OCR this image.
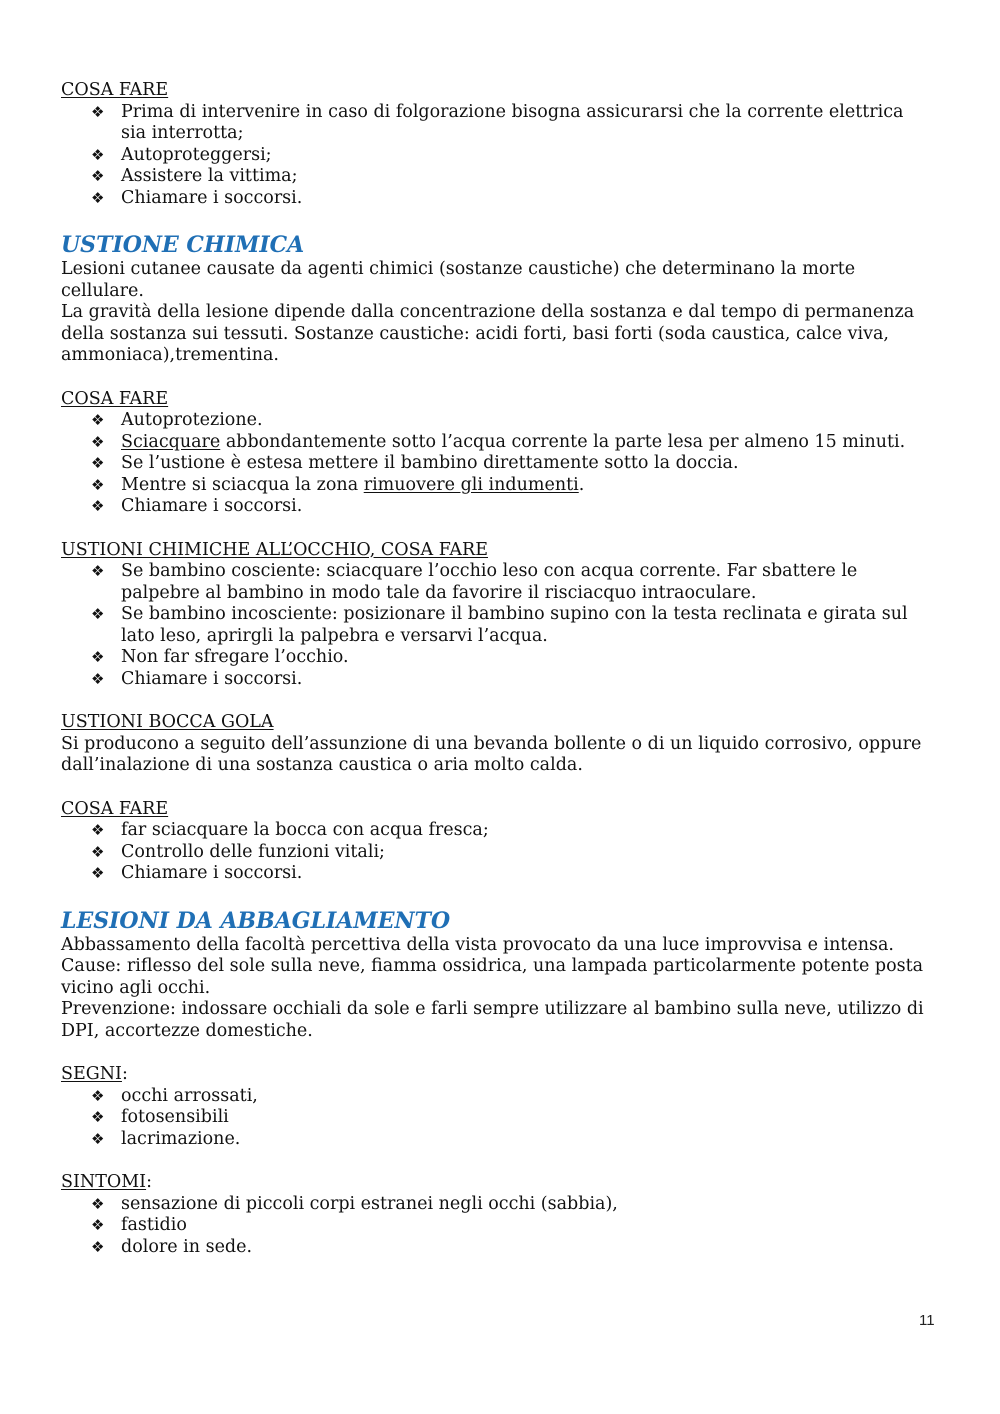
COSA FARE

❖ Prima di intervenire in caso di folgorazione bisogna assicurarsi che la corrente elettrica sia interrotta;
❖ Autoproteggersi;
❖ Assistere la vittima;
❖ Chiamare i soccorsi.

USTIONE CHIMICA

Lesioni cutanee causate da agenti chimici (sostanze caustiche) che determinano la morte cellulare.

La gravità della lesione dipende dalla concentrazione della sostanza e dal tempo di permanenza della sostanza sui tessuti. Sostanze caustiche: acidi forti, basi forti (soda caustica, calce viva, ammoniaca),trementina.

COSA FARE

❖ Autoprotezione.
❖ Sciacquare abbondantemente sotto l’acqua corrente la parte lesa per almeno 15 minuti.
❖ Se l’ustione è estesa mettere il bambino direttamente sotto la doccia.
❖ Mentre si sciacqua la zona rimuovere gli indumenti.
❖ Chiamare i soccorsi.

USTIONI CHIMICHE ALL’OCCHIO, COSA FARE

❖ Se bambino cosciente: sciacquare l’occhio leso con acqua corrente. Far sbattere le palpebre al bambino in modo tale da favorire il risciacquo intraoculare.
❖ Se bambino incosciente: posizionare il bambino supino con la testa reclinata e girata sul lato leso, aprirgli la palpebra e versarvi l’acqua.
❖ Non far sfregare l’occhio.
❖ Chiamare i soccorsi.

USTIONI BOCCA GOLA

Si producono a seguito dell’assunzione di una bevanda bollente o di un liquido corrosivo, oppure dall’inalazione di una sostanza caustica o aria molto calda.

COSA FARE

❖ far sciacquare la bocca con acqua fresca;
❖ Controllo delle funzioni vitali;
❖ Chiamare i soccorsi.

LESIONI DA ABBAGLIAMENTO

Abbassamento della facoltà percettiva della vista provocato da una luce improvvisa e intensa.

Cause: riflesso del sole sulla neve, fiamma ossidrica, una lampada particolarmente potente posta vicino agli occhi.

Prevenzione: indossare occhiali da sole e farli sempre utilizzare al bambino sulla neve, utilizzo di DPI, accortezze domestiche.

SEGNI:

❖ occhi arrossati,
❖ fotosensibili
❖ lacrimazione.

SINTOMI:

❖ sensazione di piccoli corpi estranei negli occhi (sabbia),
❖ fastidio
❖ dolore in sede.
11
